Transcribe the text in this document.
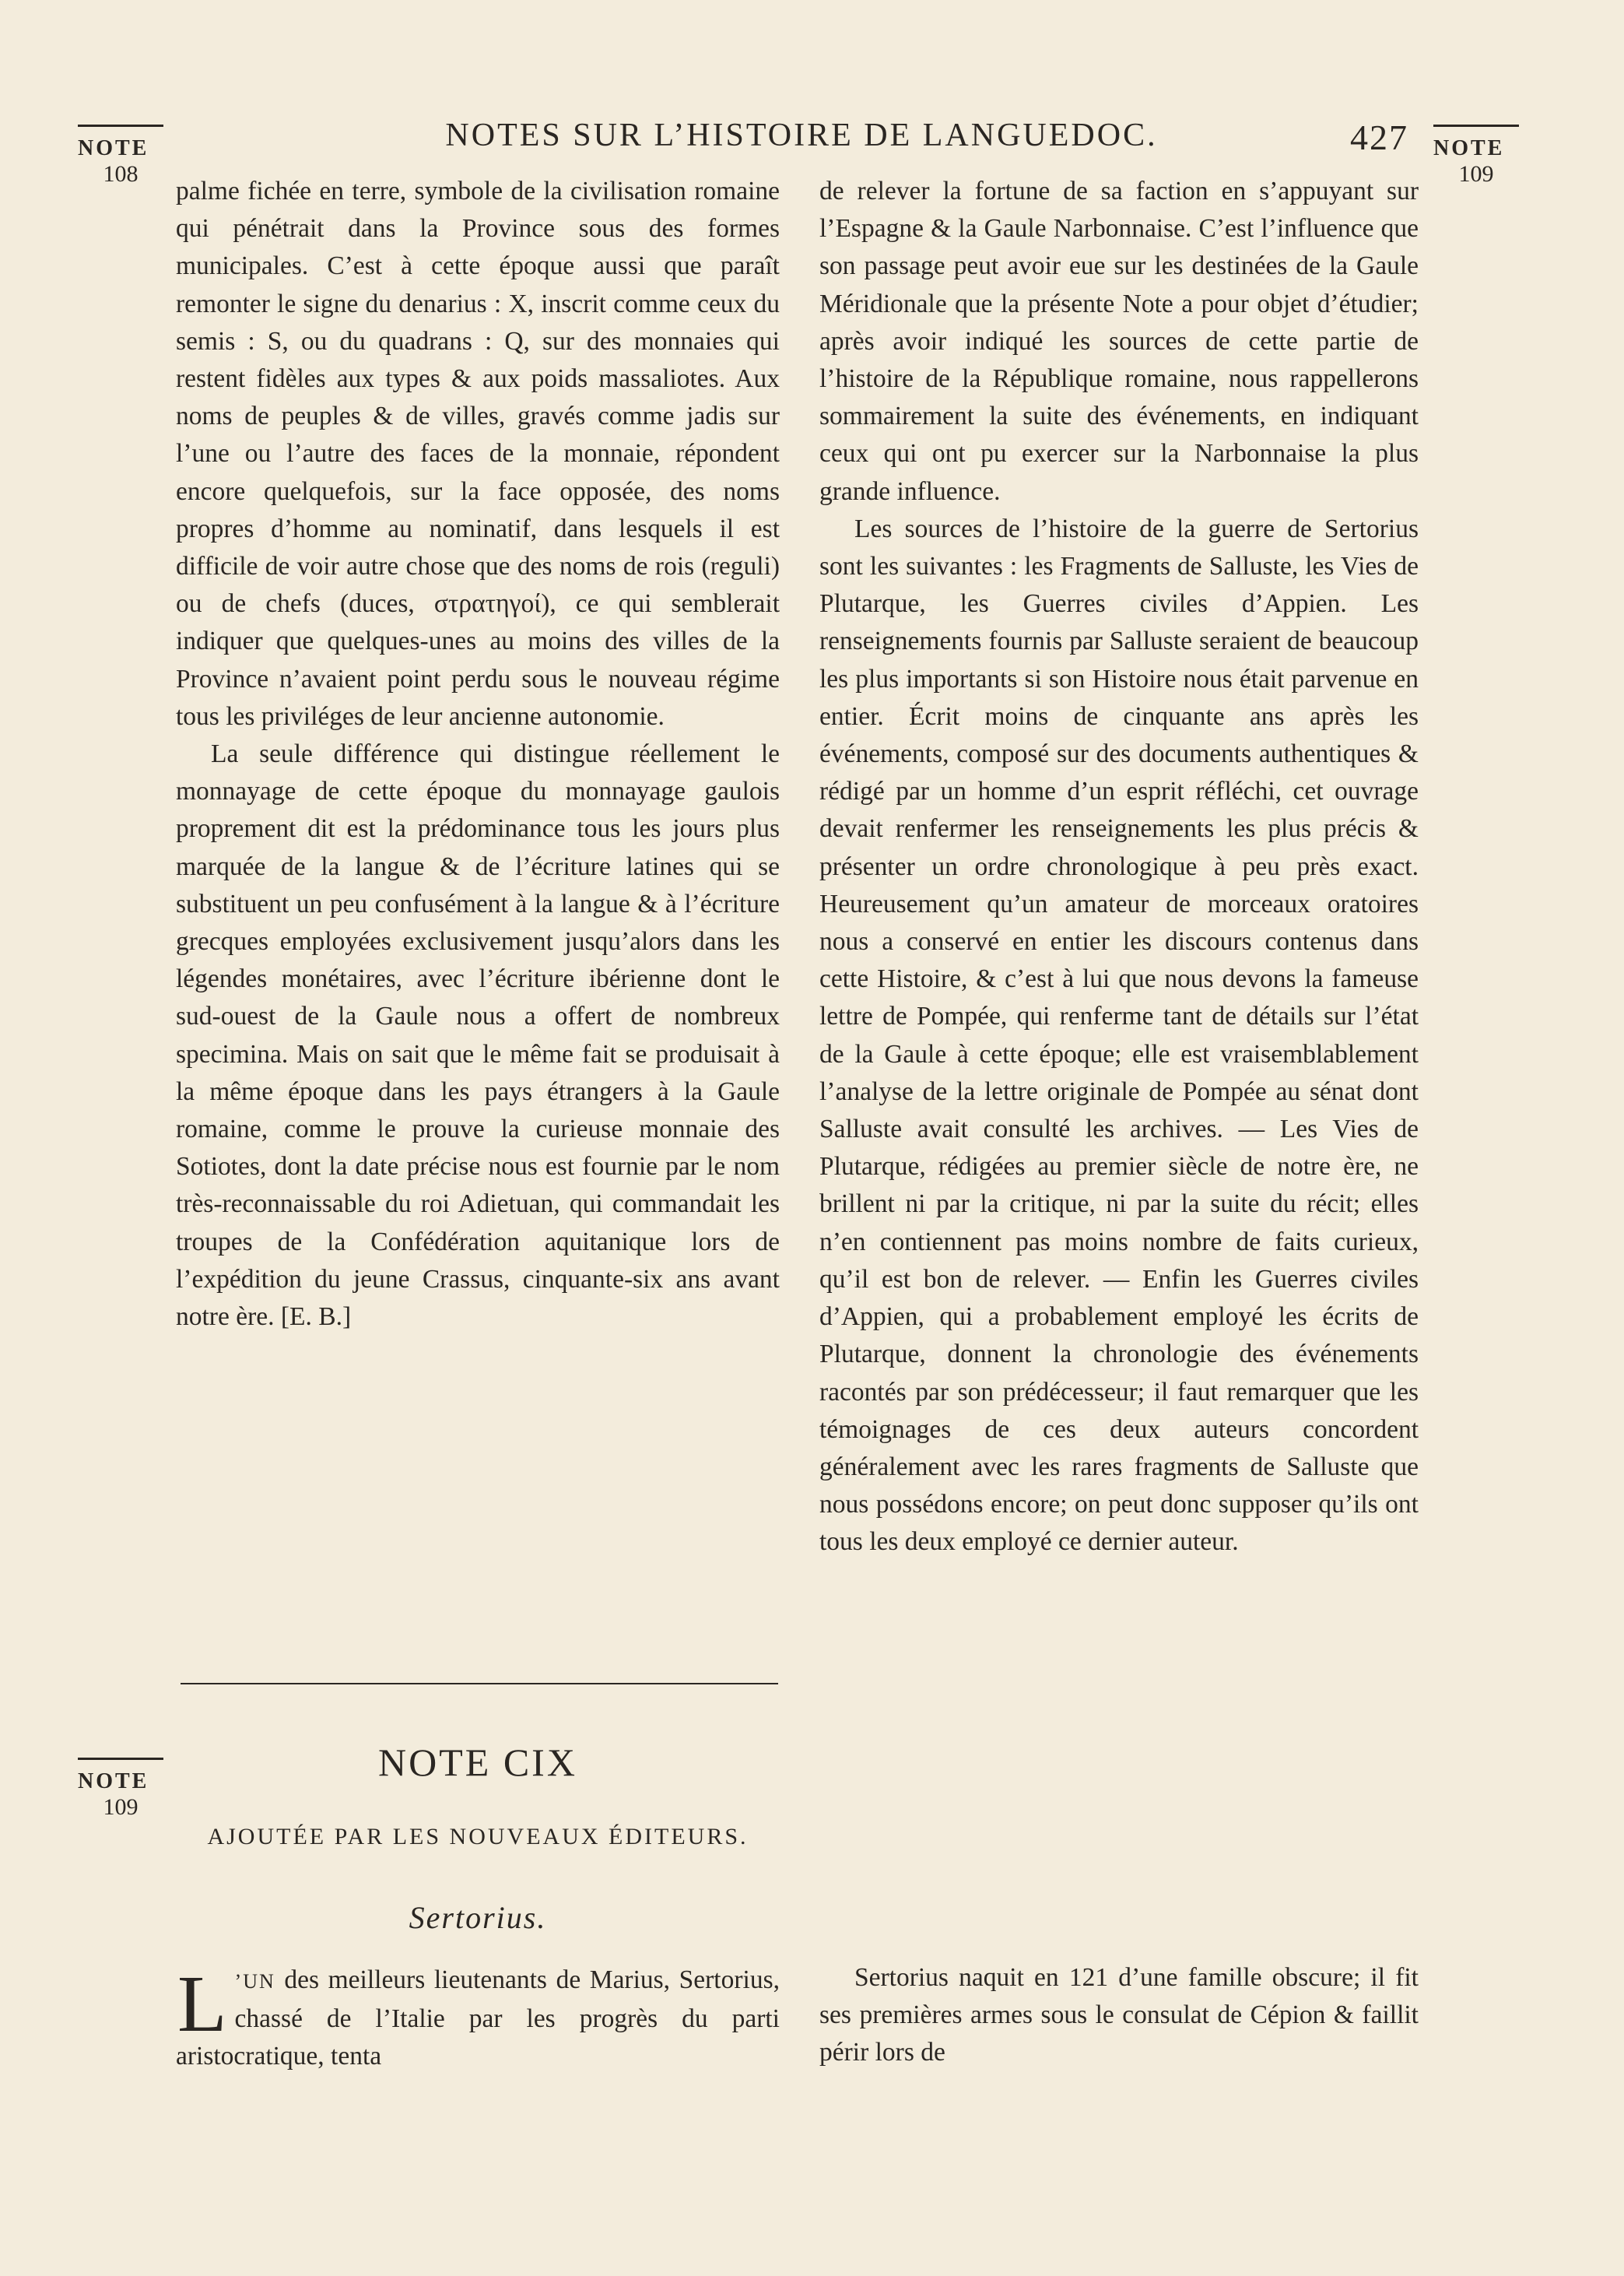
NOTES SUR L’HISTOIRE DE LANGUEDOC.	427
NOTE
108
NOTE
109
NOTE
109

palme fichée en terre, symbole de la civilisation romaine qui pénétrait dans la Province sous des formes municipales. C’est à cette époque aussi que paraît remonter le signe du denarius : X, inscrit comme ceux du semis : S, ou du quadrans : Q, sur des monnaies qui restent fidèles aux types & aux poids massaliotes. Aux noms de peuples & de villes, gravés comme jadis sur l’une ou l’autre des faces de la monnaie, répondent encore quelquefois, sur la face opposée, des noms propres d’homme au nominatif, dans lesquels il est difficile de voir autre chose que des noms de rois (reguli) ou de chefs (duces, στρατηγοί), ce qui semblerait indiquer que quelques-unes au moins des villes de la Province n’avaient point perdu sous le nouveau régime tous les priviléges de leur ancienne autonomie.

La seule différence qui distingue réellement le monnayage de cette époque du monnayage gaulois proprement dit est la prédominance tous les jours plus marquée de la langue & de l’écriture latines qui se substituent un peu confusément à la langue & à l’écriture grecques employées exclusivement jusqu’alors dans les légendes monétaires, avec l’écriture ibérienne dont le sud-ouest de la Gaule nous a offert de nombreux specimina. Mais on sait que le même fait se produisait à la même époque dans les pays étrangers à la Gaule romaine, comme le prouve la curieuse monnaie des Sotiotes, dont la date précise nous est fournie par le nom très-reconnaissable du roi Adietuan, qui commandait les troupes de la Confédération aquitanique lors de l’expédition du jeune Crassus, cinquante-six ans avant notre ère. [E. B.]

NOTE CIX
AJOUTÉE PAR LES NOUVEAUX ÉDITEURS.
Sertorius.

L ’UN des meilleurs lieutenants de Marius, Sertorius, chassé de l’Italie par les progrès du parti aristocratique, tenta

de relever la fortune de sa faction en s’appuyant sur l’Espagne & la Gaule Narbonnaise. C’est l’influence que son passage peut avoir eue sur les destinées de la Gaule Méridionale que la présente Note a pour objet d’étudier; après avoir indiqué les sources de cette partie de l’histoire de la République romaine, nous rappellerons sommairement la suite des événements, en indiquant ceux qui ont pu exercer sur la Narbonnaise la plus grande influence.

Les sources de l’histoire de la guerre de Sertorius sont les suivantes : les Fragments de Salluste, les Vies de Plutarque, les Guerres civiles d’Appien. Les renseignements fournis par Salluste seraient de beaucoup les plus importants si son Histoire nous était parvenue en entier. Écrit moins de cinquante ans après les événements, composé sur des documents authentiques & rédigé par un homme d’un esprit réfléchi, cet ouvrage devait renfermer les renseignements les plus précis & présenter un ordre chronologique à peu près exact. Heureusement qu’un amateur de morceaux oratoires nous a conservé en entier les discours contenus dans cette Histoire, & c’est à lui que nous devons la fameuse lettre de Pompée, qui renferme tant de détails sur l’état de la Gaule à cette époque; elle est vraisemblablement l’analyse de la lettre originale de Pompée au sénat dont Salluste avait consulté les archives. — Les Vies de Plutarque, rédigées au premier siècle de notre ère, ne brillent ni par la critique, ni par la suite du récit; elles n’en contiennent pas moins nombre de faits curieux, qu’il est bon de relever. — Enfin les Guerres civiles d’Appien, qui a probablement employé les écrits de Plutarque, donnent la chronologie des événements racontés par son prédécesseur; il faut remarquer que les témoignages de ces deux auteurs concordent généralement avec les rares fragments de Salluste que nous possédons encore; on peut donc supposer qu’ils ont tous les deux employé ce dernier auteur.

Sertorius naquit en 121 d’une famille obscure; il fit ses premières armes sous le consulat de Cépion & faillit périr lors de
